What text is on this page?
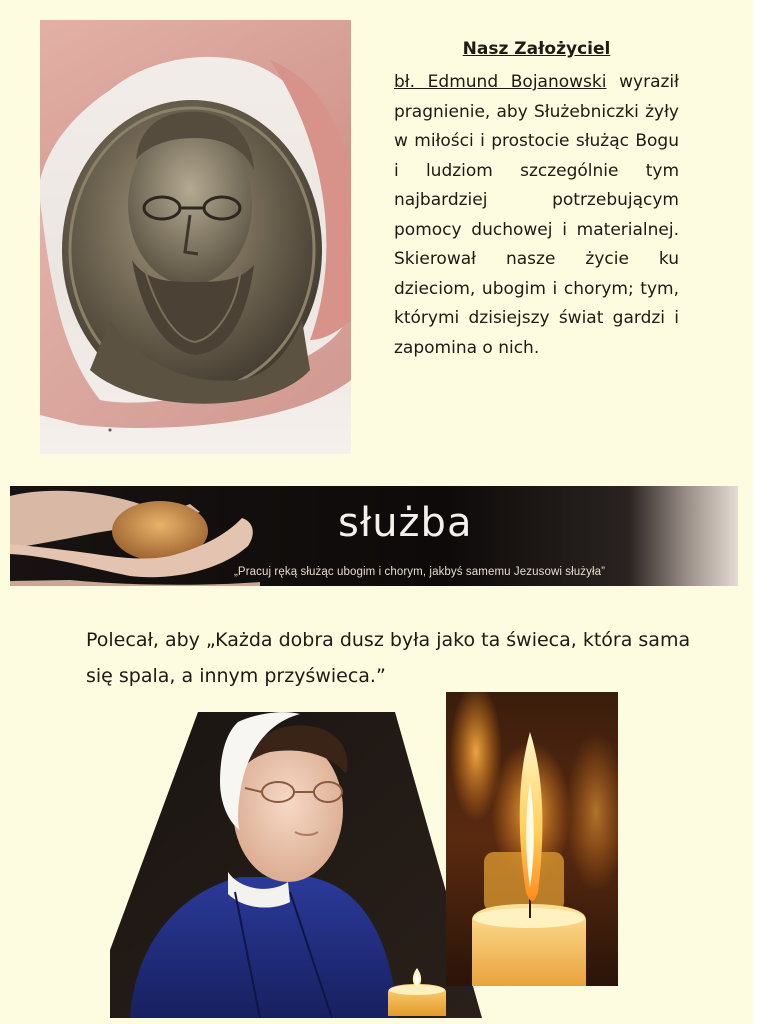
Nasz Założyciel

bł. Edmund Bojanowski wyraził pragnienie, aby Służebniczki żyły w miłości i prostocie służąc Bogu i ludziom szczególnie tym najbardziej potrzebującym pomocy duchowej i materialnej. Skierował nasze życie ku dzieciom, ubogim i chorym; tym, którymi dzisiejszy świat gardzi i zapomina o nich.

służba
„Pracuj ręką służąc ubogim i chorym, jakbyś samemu Jezusowi służyła”

Polecał, aby „Każda dobra dusz była jako ta świeca, która sama się spala, a innym przyświeca.”
